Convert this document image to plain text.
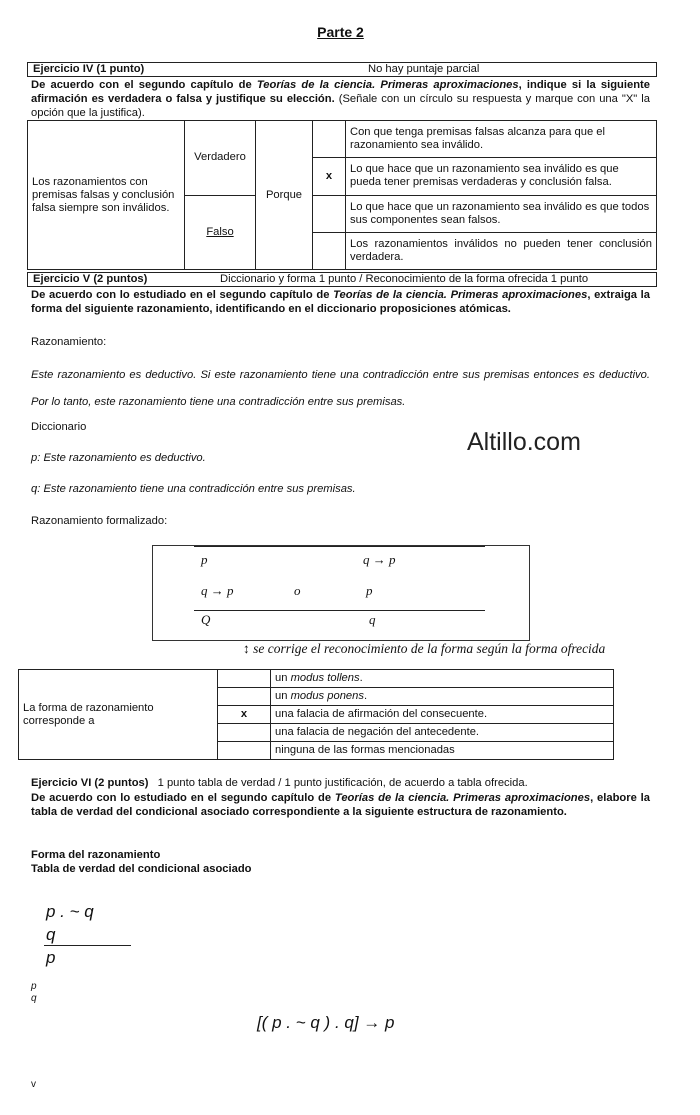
Parte 2
Ejercicio IV (1 punto)	No hay puntaje parcial

De acuerdo con el segundo capítulo de Teorías de la ciencia. Primeras aproximaciones, indique si la siguiente afirmación es verdadera o falsa y justifique su elección. (Señale con un círculo su respuesta y marque con una "X" la opción que la justifica).

Los razonamientos con premisas falsas y conclusión falsa siempre son inválidos.	Verdadero	Porque		Con que tenga premisas falsas alcanza para que el razonamiento sea inválido.
			x	Lo que hace que un razonamiento sea inválido es que pueda tener premisas verdaderas y conclusión falsa.
	Falso			Lo que hace que un razonamiento sea inválido es que todos sus componentes sean falsos.
				Los razonamientos inválidos no pueden tener conclusión verdadera.
Ejercicio V (2 puntos)	Diccionario y forma 1 punto / Reconocimiento de la forma ofrecida 1 punto

De acuerdo con lo estudiado en el segundo capítulo de Teorías de la ciencia. Primeras aproximaciones, extraiga la forma del siguiente razonamiento, identificando en el diccionario proposiciones atómicas.

Razonamiento:

Este razonamiento es deductivo. Si este razonamiento tiene una contradicción entre sus premisas entonces es deductivo. Por lo tanto, este razonamiento tiene una contradicción entre sus premisas.

Diccionario
Altillo.com
p: Este razonamiento es deductivo.
q: Este razonamiento tiene una contradicción entre sus premisas.
Razonamiento formalizado:
p
q → p
Q
o
q → p
p
q
↕ se corrige el reconocimiento de la forma según la forma ofrecida
La forma de razonamiento corresponde a		un modus tollens.
		un modus ponens.
	x	una falacia de afirmación del consecuente.
		una falacia de negación del antecedente.
		ninguna de las formas mencionadas
Ejercicio VI (2 puntos) 1 punto tabla de verdad / 1 punto justificación, de acuerdo a tabla ofrecida.

De acuerdo con lo estudiado en el segundo capítulo de Teorías de la ciencia. Primeras aproximaciones, elabore la tabla de verdad del condicional asociado correspondiente a la siguiente estructura de razonamiento.

Forma del razonamiento
Tabla de verdad del condicional asociado
p . ~ q
q
p
p
q
[( p . ~ q ) . q] → p
v
